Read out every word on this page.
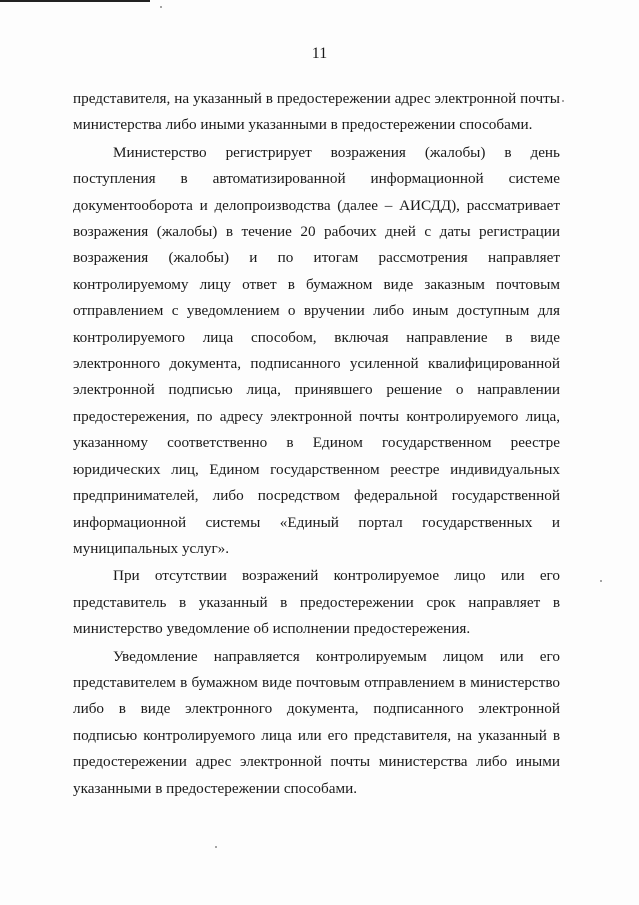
11

представителя, на указанный в предостережении адрес электронной почты министерства либо иными указанными в предостережении способами.

Министерство регистрирует возражения (жалобы) в день поступления в автоматизированной информационной системе документооборота и делопроизводства (далее – АИСДД), рассматривает возражения (жалобы) в течение 20 рабочих дней с даты регистрации возражения (жалобы) и по итогам рассмотрения направляет контролируемому лицу ответ в бумажном виде заказным почтовым отправлением с уведомлением о вручении либо иным доступным для контролируемого лица способом, включая направление в виде электронного документа, подписанного усиленной квалифицированной электронной подписью лица, принявшего решение о направлении предостережения, по адресу электронной почты контролируемого лица, указанному соответственно в Едином государственном реестре юридических лиц, Едином государственном реестре индивидуальных предпринимателей, либо посредством федеральной государственной информационной системы «Единый портал государственных и муниципальных услуг».

При отсутствии возражений контролируемое лицо или его представитель в указанный в предостережении срок направляет в министерство уведомление об исполнении предостережения.

Уведомление направляется контролируемым лицом или его представителем в бумажном виде почтовым отправлением в министерство либо в виде электронного документа, подписанного электронной подписью контролируемого лица или его представителя, на указанный в предостережении адрес электронной почты министерства либо иными указанными в предостережении способами.
